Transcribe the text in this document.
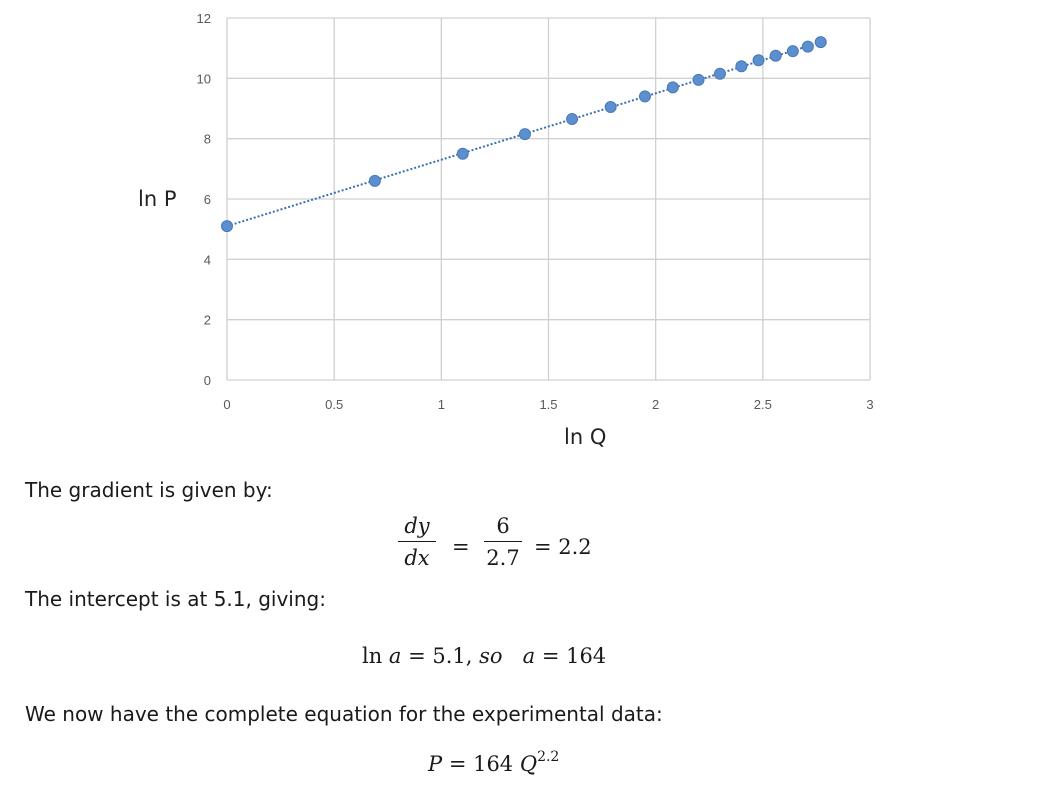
0	0.5	1	1.5	2	2.5	3
0
2
4
6
8
10
12
ln P
ln Q
The gradient is given by:
dy
dx	=
6
2.7 = 2.2
The intercept is at 5.1, giving:
ln a = 5.1, so a = 164
We now have the complete equation for the experimental data:
P = 164 $Q^{2.2}$
